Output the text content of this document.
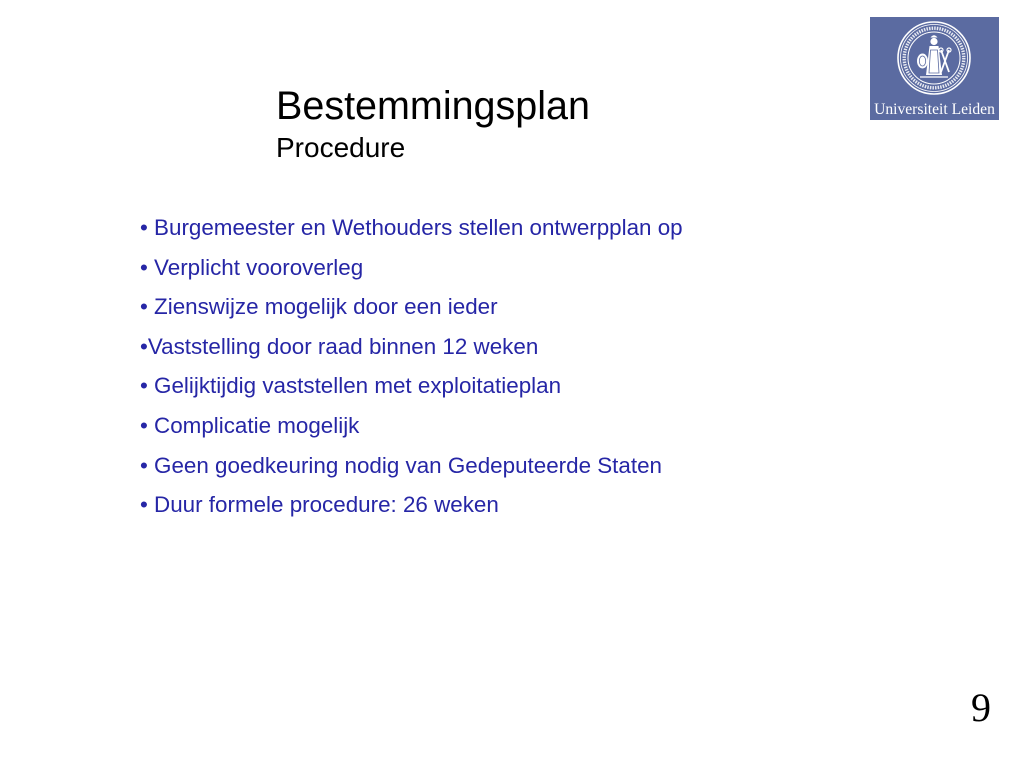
Universiteit Leiden
Bestemmingsplan
Procedure
• Burgemeester en Wethouders stellen ontwerpplan op
• Verplicht vooroverleg
• Zienswijze mogelijk door een ieder
•Vaststelling door raad binnen 12 weken
• Gelijktijdig vaststellen met exploitatieplan
• Complicatie mogelijk
• Geen goedkeuring nodig van Gedeputeerde Staten
• Duur formele procedure: 26 weken
9
